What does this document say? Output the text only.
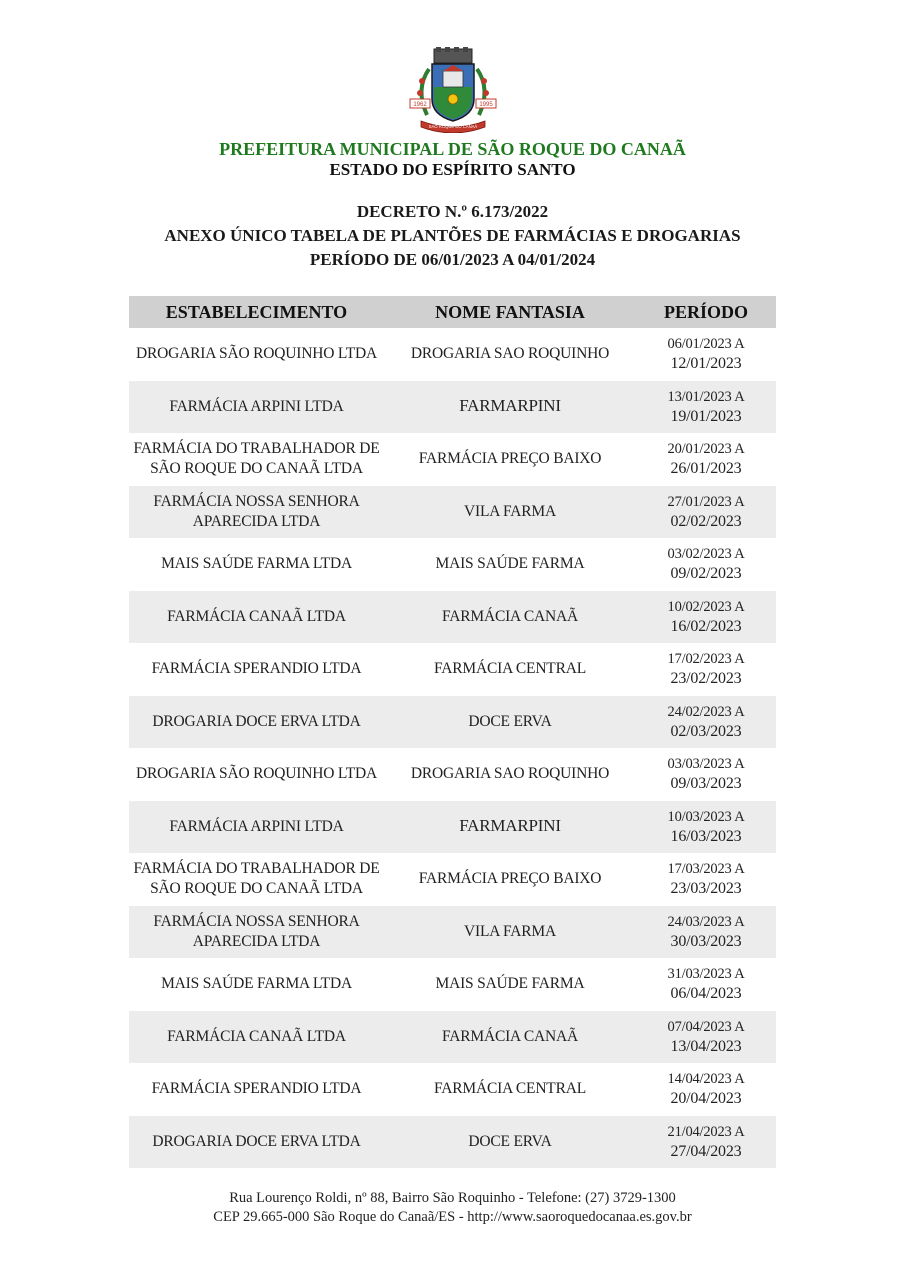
1962	1995
SÃO ROQUE DO CANAÃ
PREFEITURA MUNICIPAL DE SÃO ROQUE DO CANAÃ
ESTADO DO ESPÍRITO SANTO
DECRETO N.º 6.173/2022
ANEXO ÚNICO TABELA DE PLANTÕES DE FARMÁCIAS E DROGARIAS
PERÍODO DE 06/01/2023 A 04/01/2024
ESTABELECIMENTO	NOME FANTASIA	PERÍODO
DROGARIA SÃO ROQUINHO LTDA	DROGARIA SAO ROQUINHO	06/01/2023 A
12/01/2023

FARMÁCIA ARPINI LTDA	FARMARPINI	13/01/2023 A
19/01/2023

FARMÁCIA DO TRABALHADOR DE SÃO ROQUE DO CANAÃ LTDA	FARMÁCIA PREÇO BAIXO	20/01/2023 A
26/01/2023

FARMÁCIA NOSSA SENHORA APARECIDA LTDA	VILA FARMA	27/01/2023 A
02/02/2023

MAIS SAÚDE FARMA LTDA	MAIS SAÚDE FARMA	03/02/2023 A
09/02/2023

FARMÁCIA CANAÃ LTDA	FARMÁCIA CANAÃ	10/02/2023 A
16/02/2023

FARMÁCIA SPERANDIO LTDA	FARMÁCIA CENTRAL	17/02/2023 A
23/02/2023

DROGARIA DOCE ERVA LTDA	DOCE ERVA	24/02/2023 A
02/03/2023

DROGARIA SÃO ROQUINHO LTDA	DROGARIA SAO ROQUINHO	03/03/2023 A
09/03/2023

FARMÁCIA ARPINI LTDA	FARMARPINI	10/03/2023 A
16/03/2023

FARMÁCIA DO TRABALHADOR DE SÃO ROQUE DO CANAÃ LTDA	FARMÁCIA PREÇO BAIXO	17/03/2023 A
23/03/2023

FARMÁCIA NOSSA SENHORA APARECIDA LTDA	VILA FARMA	24/03/2023 A
30/03/2023

MAIS SAÚDE FARMA LTDA	MAIS SAÚDE FARMA	31/03/2023 A
06/04/2023

FARMÁCIA CANAÃ LTDA	FARMÁCIA CANAÃ	07/04/2023 A
13/04/2023

FARMÁCIA SPERANDIO LTDA	FARMÁCIA CENTRAL	14/04/2023 A
20/04/2023

DROGARIA DOCE ERVA LTDA	DOCE ERVA	21/04/2023 A
27/04/2023
Rua Lourenço Roldi, nº 88, Bairro São Roquinho - Telefone: (27) 3729-1300
CEP 29.665-000 São Roque do Canaã/ES - http://www.saoroquedocanaa.es.gov.br
